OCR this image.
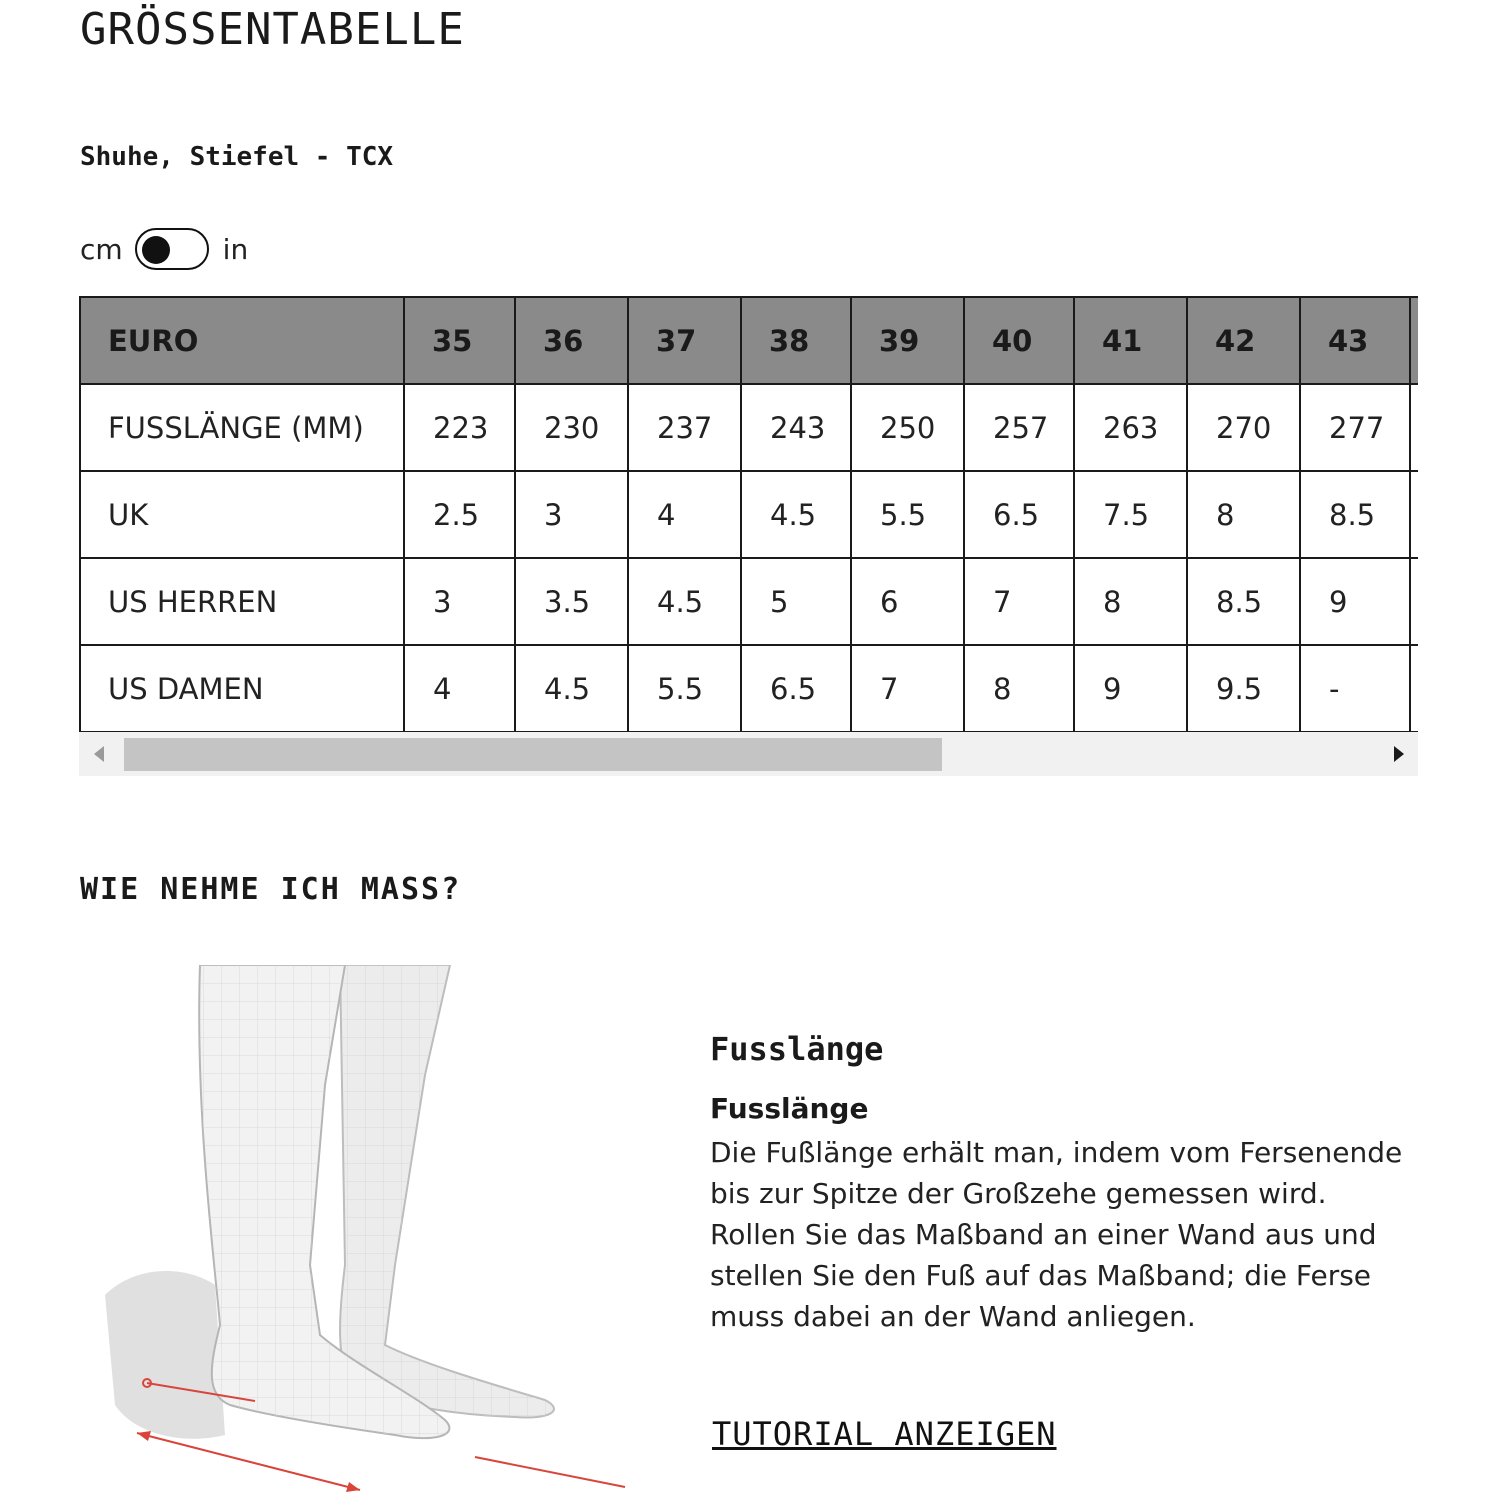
GRÖSSENTABELLE
Shuhe, Stiefel - TCX
cm	in
EURO	35	36	37	38	39	40	41	42	43	
FUSSLÄNGE (MM)	223	230	237	243	250	257	263	270	277	
UK	2.5	3	4	4.5	5.5	6.5	7.5	8	8.5	
US HERREN	3	3.5	4.5	5	6	7	8	8.5	9	
US DAMEN	4	4.5	5.5	6.5	7	8	9	9.5	-	
WIE NEHME ICH MASS?
Fusslänge
Fusslänge
Die Fußlänge erhält man, indem vom Fersenende bis zur Spitze der Großzehe gemessen wird. Rollen Sie das Maßband an einer Wand aus und stellen Sie den Fuß auf das Maßband; die Ferse muss dabei an der Wand anliegen.
TUTORIAL ANZEIGEN
